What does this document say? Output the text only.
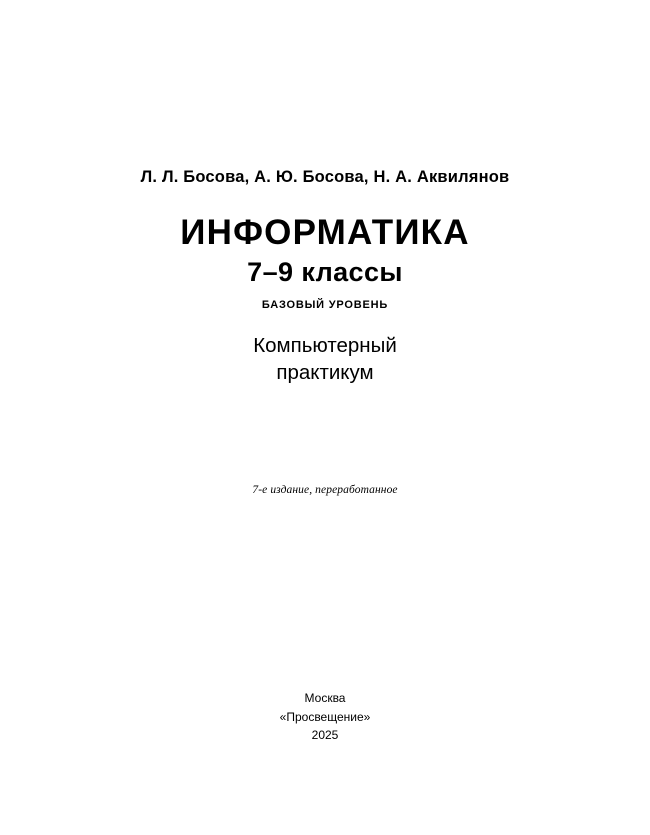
Л. Л. Босова, А. Ю. Босова, Н. А. Аквилянов
ИНФОРМАТИКА
7–9 классы
БАЗОВЫЙ УРОВЕНЬ
Компьютерный
практикум
7-е издание, переработанное
Москва
«Просвещение»
2025
